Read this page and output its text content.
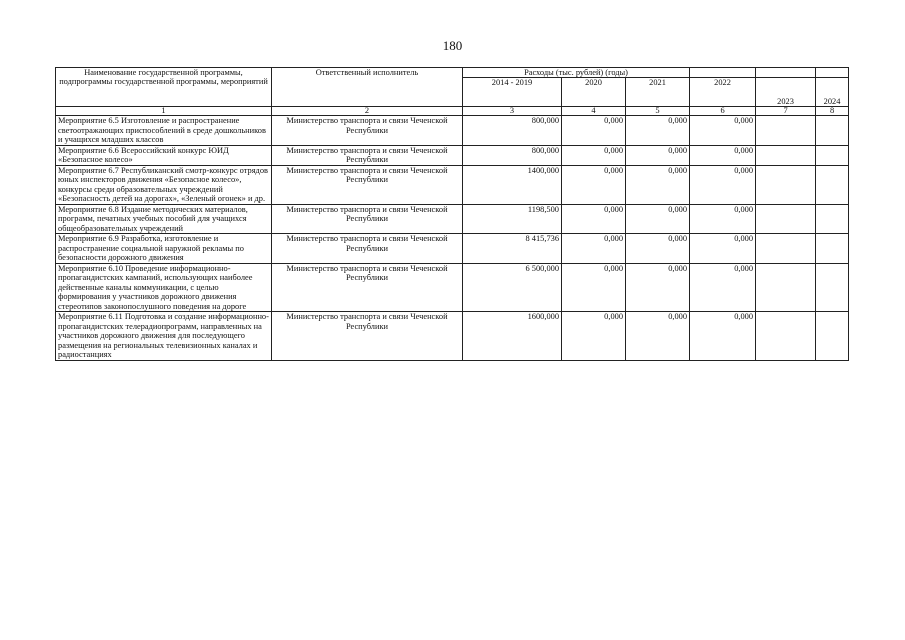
180
Наименование государственной программы, подпрограммы государственной программы, мероприятий	Ответственный исполнитель	Расходы (тыс. рублей) (годы)					
		2014 - 2019	2020	2021	2022	2023	2024
1	2	3	4	5	6	7	8
Мероприятие 6.5 Изготовление и распространение светоотражающих приспособлений в среде дошкольников и учащихся младших классов	Министерство транспорта и связи Чеченской Республики	800,000	0,000	0,000	0,000		
Мероприятие 6.6 Всероссийский конкурс ЮИД «Безопасное колесо»	Министерство транспорта и связи Чеченской Республики	800,000	0,000	0,000	0,000		
Мероприятие 6.7 Республиканский смотр-конкурс отрядов юных инспекторов движения «Безопасное колесо», конкурсы среди образовательных учреждений «Безопасность детей на дорогах», «Зеленый огонек» и др.	Министерство транспорта и связи Чеченской Республики	1400,000	0,000	0,000	0,000		
Мероприятие 6.8 Издание методических материалов, программ, печатных учебных пособий для учащихся общеобразовательных учреждений	Министерство транспорта и связи Чеченской Республики	1198,500	0,000	0,000	0,000		
Мероприятие 6.9 Разработка, изготовление и распространение социальной наружной рекламы по безопасности дорожного движения	Министерство транспорта и связи Чеченской Республики	8 415,736	0,000	0,000	0,000		
Мероприятие 6.10 Проведение информационно-пропагандистских кампаний, использующих наиболее действенные каналы коммуникации, с целью формирования у участников дорожного движения стереотипов законопослушного поведения на дороге	Министерство транспорта и связи Чеченской Республики	6 500,000	0,000	0,000	0,000		
Мероприятие 6.11 Подготовка и создание информационно-пропагандистских телерадиопрограмм, направленных на участников дорожного движения для последующего размещения на региональных телевизионных каналах и радиостанциях	Министерство транспорта и связи Чеченской Республики	1600,000	0,000	0,000	0,000		
